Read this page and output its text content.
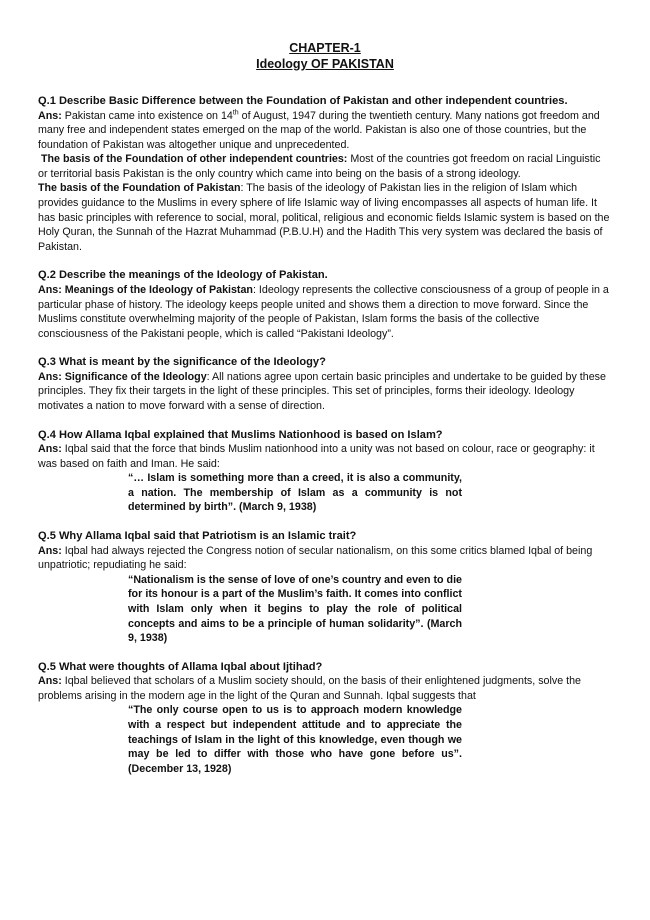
CHAPTER-1
Ideology OF PAKISTAN
Q.1 Describe Basic Difference between the Foundation of Pakistan and other independent countries.

Ans: Pakistan came into existence on 14th of August, 1947 during the twentieth century. Many nations got freedom and many free and independent states emerged on the map of the world. Pakistan is also one of those countries, but the foundation of Pakistan was altogether unique and unprecedented.

The basis of the Foundation of other independent countries: Most of the countries got freedom on racial Linguistic or territorial basis Pakistan is the only country which came into being on the basis of a strong ideology.

The basis of the Foundation of Pakistan: The basis of the ideology of Pakistan lies in the religion of Islam which provides guidance to the Muslims in every sphere of life Islamic way of living encompasses all aspects of human life. It has basic principles with reference to social, moral, political, religious and economic fields Islamic system is based on the Holy Quran, the Sunnah of the Hazrat Muhammad (P.B.U.H) and the Hadith This very system was declared the basis of Pakistan.

Q.2 Describe the meanings of the Ideology of Pakistan.

Ans: Meanings of the Ideology of Pakistan: Ideology represents the collective consciousness of a group of people in a particular phase of history. The ideology keeps people united and shows them a direction to move forward. Since the Muslims constitute overwhelming majority of the people of Pakistan, Islam forms the basis of the collective consciousness of the Pakistani people, which is called “Pakistani Ideology”.

Q.3 What is meant by the significance of the Ideology?

Ans: Significance of the Ideology: All nations agree upon certain basic principles and undertake to be guided by these principles. They fix their targets in the light of these principles. This set of principles, forms their ideology. Ideology motivates a nation to move forward with a sense of direction.

Q.4 How Allama Iqbal explained that Muslims Nationhood is based on Islam?

Ans: Iqbal said that the force that binds Muslim nationhood into a unity was not based on colour, race or geography: it was based on faith and Iman. He said:

“… Islam is something more than a creed, it is also a community, a nation. The membership of Islam as a community is not determined by birth”. (March 9, 1938)
Q.5 Why Allama Iqbal said that Patriotism is an Islamic trait?

Ans: Iqbal had always rejected the Congress notion of secular nationalism, on this some critics blamed Iqbal of being unpatriotic; repudiating he said:

“Nationalism is the sense of love of one’s country and even to die for its honour is a part of the Muslim’s faith. It comes into conflict with Islam only when it begins to play the role of political concepts and aims to be a principle of human solidarity”. (March 9, 1938)
Q.5 What were thoughts of Allama Iqbal about Ijtihad?

Ans: Iqbal believed that scholars of a Muslim society should, on the basis of their enlightened judgments, solve the problems arising in the modern age in the light of the Quran and Sunnah. Iqbal suggests that

“The only course open to us is to approach modern knowledge with a respect but independent attitude and to appreciate the teachings of Islam in the light of this knowledge, even though we may be led to differ with those who have gone before us”. (December 13, 1928)
